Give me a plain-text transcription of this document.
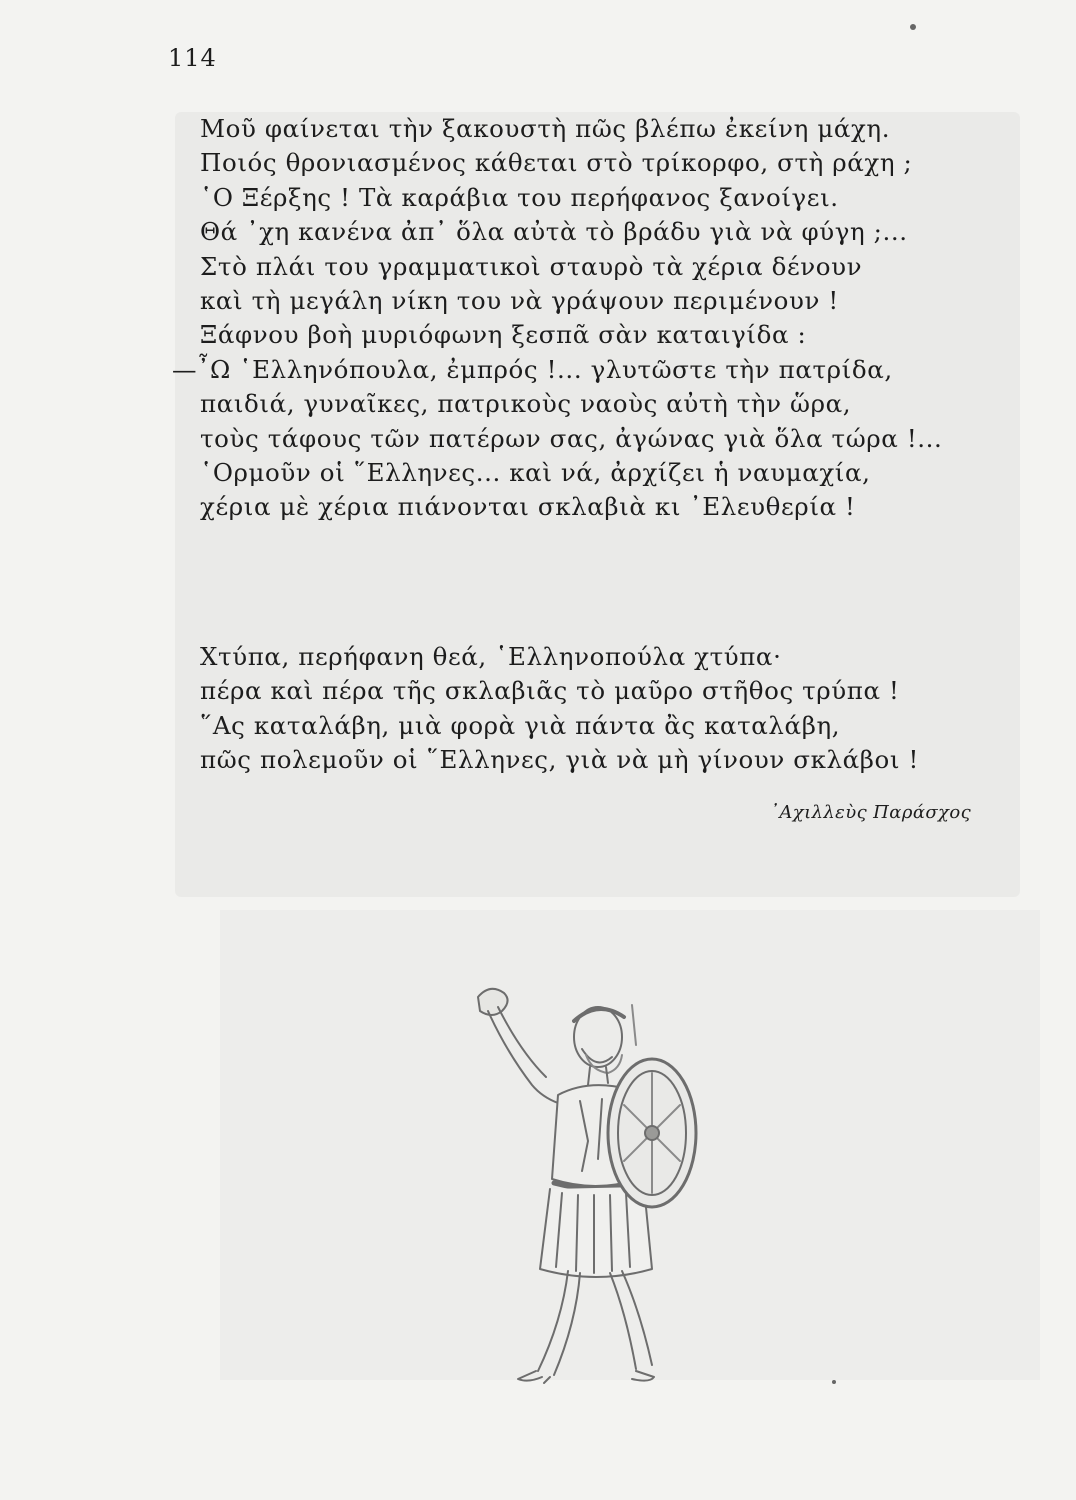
114
Μοῦ φαίνεται τὴν ξακουστὴ πῶς βλέπω ἐκείνη μάχη.
Ποιός θρονιασμένος κάθεται στὸ τρίκορφο, στὴ ράχη ;
῾Ο Ξέρξης ! Τὰ καράβια του περήφανος ξανοίγει.
Θά ᾽χη κανένα ἀπ᾽ ὅλα αὐτὰ τὸ βράδυ γιὰ νὰ φύγη ;...
Στὸ πλάι του γραμματικοὶ σταυρὸ τὰ χέρια δένουν
καὶ τὴ μεγάλη νίκη του νὰ γράψουν περιμένουν !
Ξάφνου βοὴ μυριόφωνη ξεσπᾶ σὰν καταιγίδα :
—῏Ω ῾Ελληνόπουλα, ἐμπρός !... γλυτῶστε τὴν πατρίδα,
παιδιά, γυναῖκες, πατρικοὺς ναοὺς αὐτὴ τὴν ὥρα,
τοὺς τάφους τῶν πατέρων σας, ἀγώνας γιὰ ὅλα τώρα !...
῾Ορμοῦν οἱ ῞Ελληνες... καὶ νά, ἀρχίζει ἡ ναυμαχία,
χέρια μὲ χέρια πιάνονται σκλαβιὰ κι ᾽Ελευθερία !
Χτύπα, περήφανη θεά, ῾Ελληνοπούλα χτύπα·
πέρα καὶ πέρα τῆς σκλαβιᾶς τὸ μαῦρο στῆθος τρύπα !
῞Ας καταλάβη, μιὰ φορὰ γιὰ πάντα ἂς καταλάβη,
πῶς πολεμοῦν οἱ ῞Ελληνες, γιὰ νὰ μὴ γίνουν σκλάβοι !
᾽Αχιλλεὺς Παράσχος
